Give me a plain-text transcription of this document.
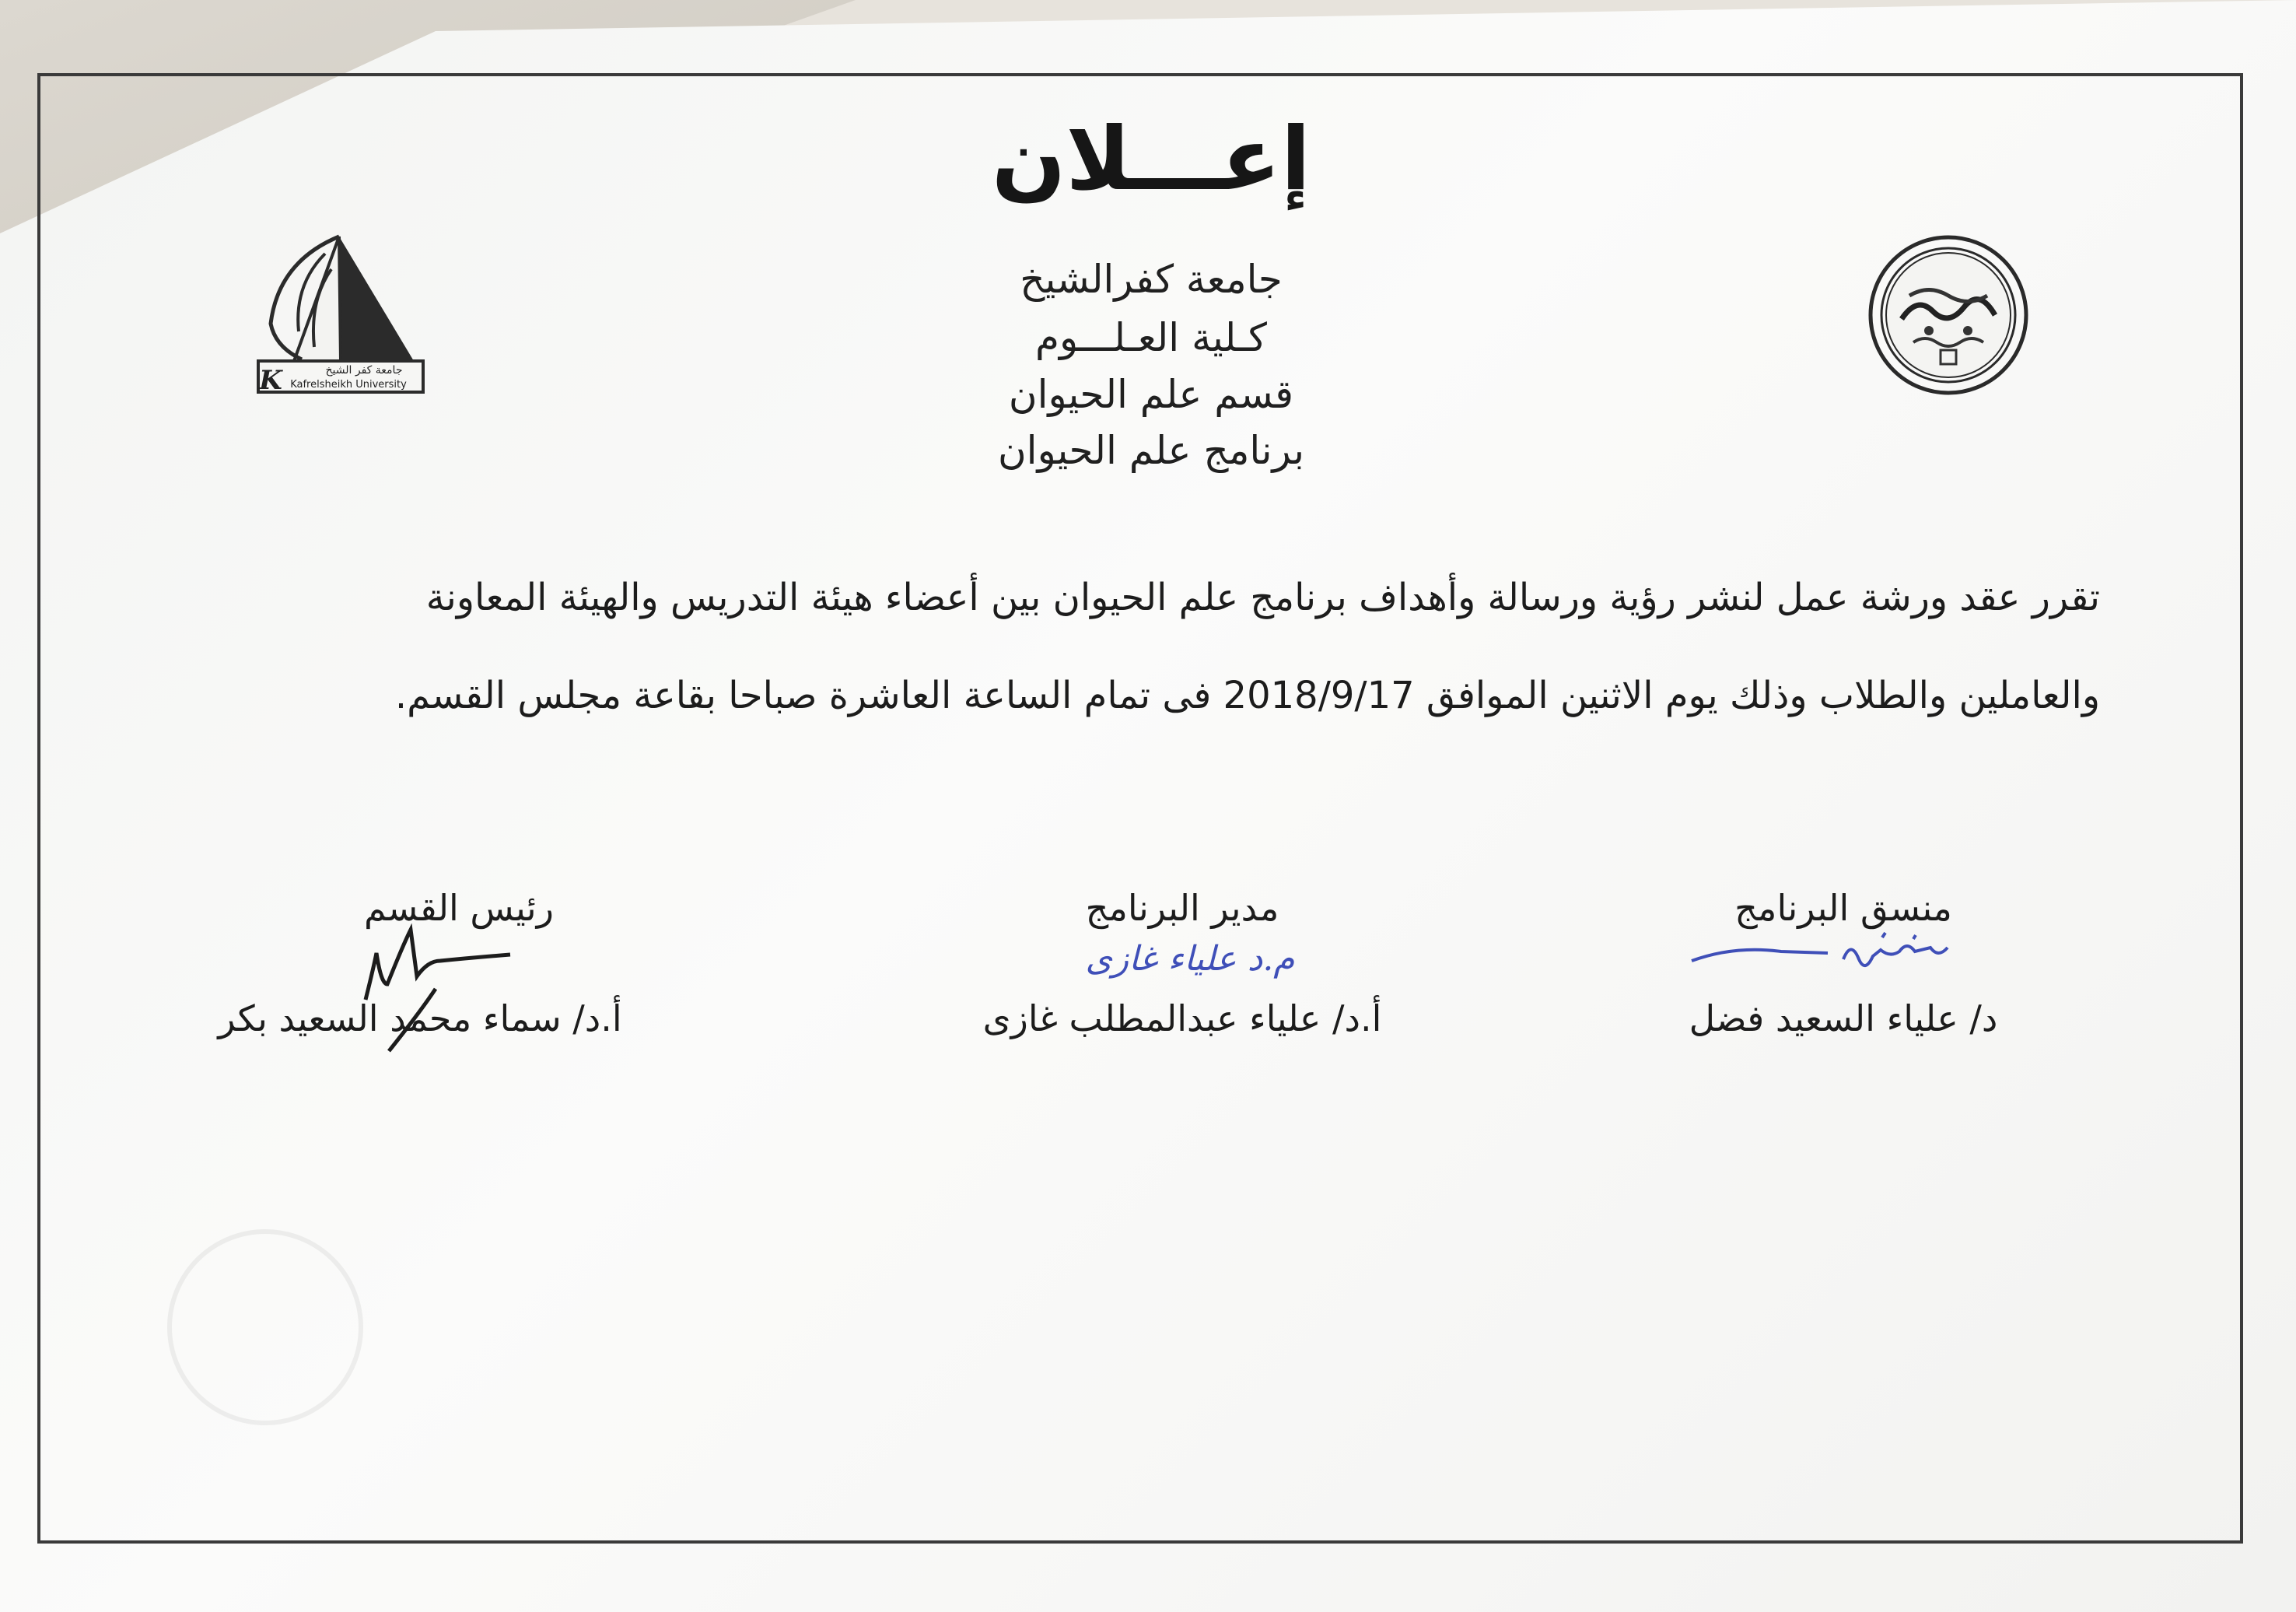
إعـــلان
جامعة كفرالشيخ
كـلية العـلـــوم
قسم علم الحيوان
برنامج علم الحيوان
جامعة كفر الشيخ
K Kafrelsheikh University
تقرر عقد ورشة عمل لنشر رؤية ورسالة وأهداف برنامج علم الحيوان بين أعضاء هيئة التدريس والهيئة المعاونة
والعاملين والطلاب وذلك يوم الاثنين الموافق 2018/9/17 فى تمام الساعة العاشرة صباحا بقاعة مجلس القسم.
منسق البرنامج
د/ علياء السعيد فضل
مدير البرنامج
م.د علياء غازى
أ.د/ علياء عبدالمطلب غازى
رئيس القسم
أ.د/ سماء محمد السعيد بكر
